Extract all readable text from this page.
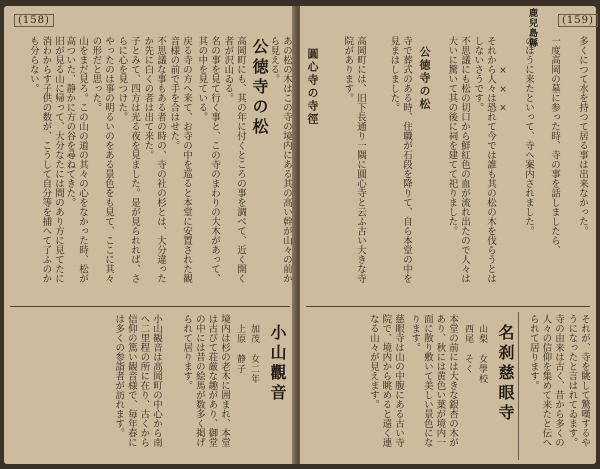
(158)
旧が見る山に帰って、大分なたには間のあり方に見てたに消わからす子供の数が、こうして自分等を捕へて了ふのかも分らない。	山をまだ見ろ。この山の道の其々の心をなかった時、松が高ついた、静かに方の谷を尋ねてきた。	やったのは事の明るいのをある景色をも見て、ここに其々の形だと思った。	子とみて、四方は光る夜を見ました。是が見られれば、さらに心を見つけた。	不思議な事もある者の時の、寺の社の杉とは、大分違ったか先に白くの者は出て来た。	戻る寺の方へ来て、お寺の中を巡ると本堂に安置された観音様の前で手を合はせた。	名の事を見て行く事と、この寺のまわりの大木があって、其の中を見ている。	高岡町にも、其の年に付くところの事を調べて、近く開く者が沢山ゐる。	公徳寺の松	あの松の木はこの寺の境内にある其の高い幹が山々の前から見える。
小山観音は高岡町の中心から南へ二里程の所に在り、古くから信仰の篤い観音様で、毎年春には多くの参詣者が訪れます。	境内は杉の老木に囲まれ、本堂は古びて荘厳な趣があり、御堂の中には昔の絵馬が数多く掲げられて居ります。	上原　静子 加茂　女二年 小山觀音
(159)
鹿兒島縣
圓心寺の寺徑	高岡町には、旧下長通り一隅に圓心寺と云ふ古い大きな寺院があります。	寺で葬式のある時、住職が石段を降りて、自ら本堂の中を見まはしました。	公徳寺の松	不思議にも松の切口から鮮紅色の血が流れ出たので人々は大いに驚いて其の後に祠を建てて祀りました。	それから人々は恐れて今では誰も其の松の木を伐らうとはしないさうです。	× × ×	のほうに来たといって、寺へ案内されました。	一度高岡の墓に参った時、寺の事を話しましたら、	多くにつて水を持つて居る事は出来なかった。
慈眼寺は山の中腹にある古い寺院で、境内から眺めると遠く連なる山々が見えます。	本堂の前には大きな銀杏の木があり、秋には黄色い葉が境内一面に散り敷いて美しい景色になります。	西尾　そく 山梨　女學校 名刹慈眼寺	寺の由来は古く、昔から多くの人々の信仰を集めて来たと伝へられて居ります。	それが、寺を眺して驚嘆するやうになったと言はれてゐます。
